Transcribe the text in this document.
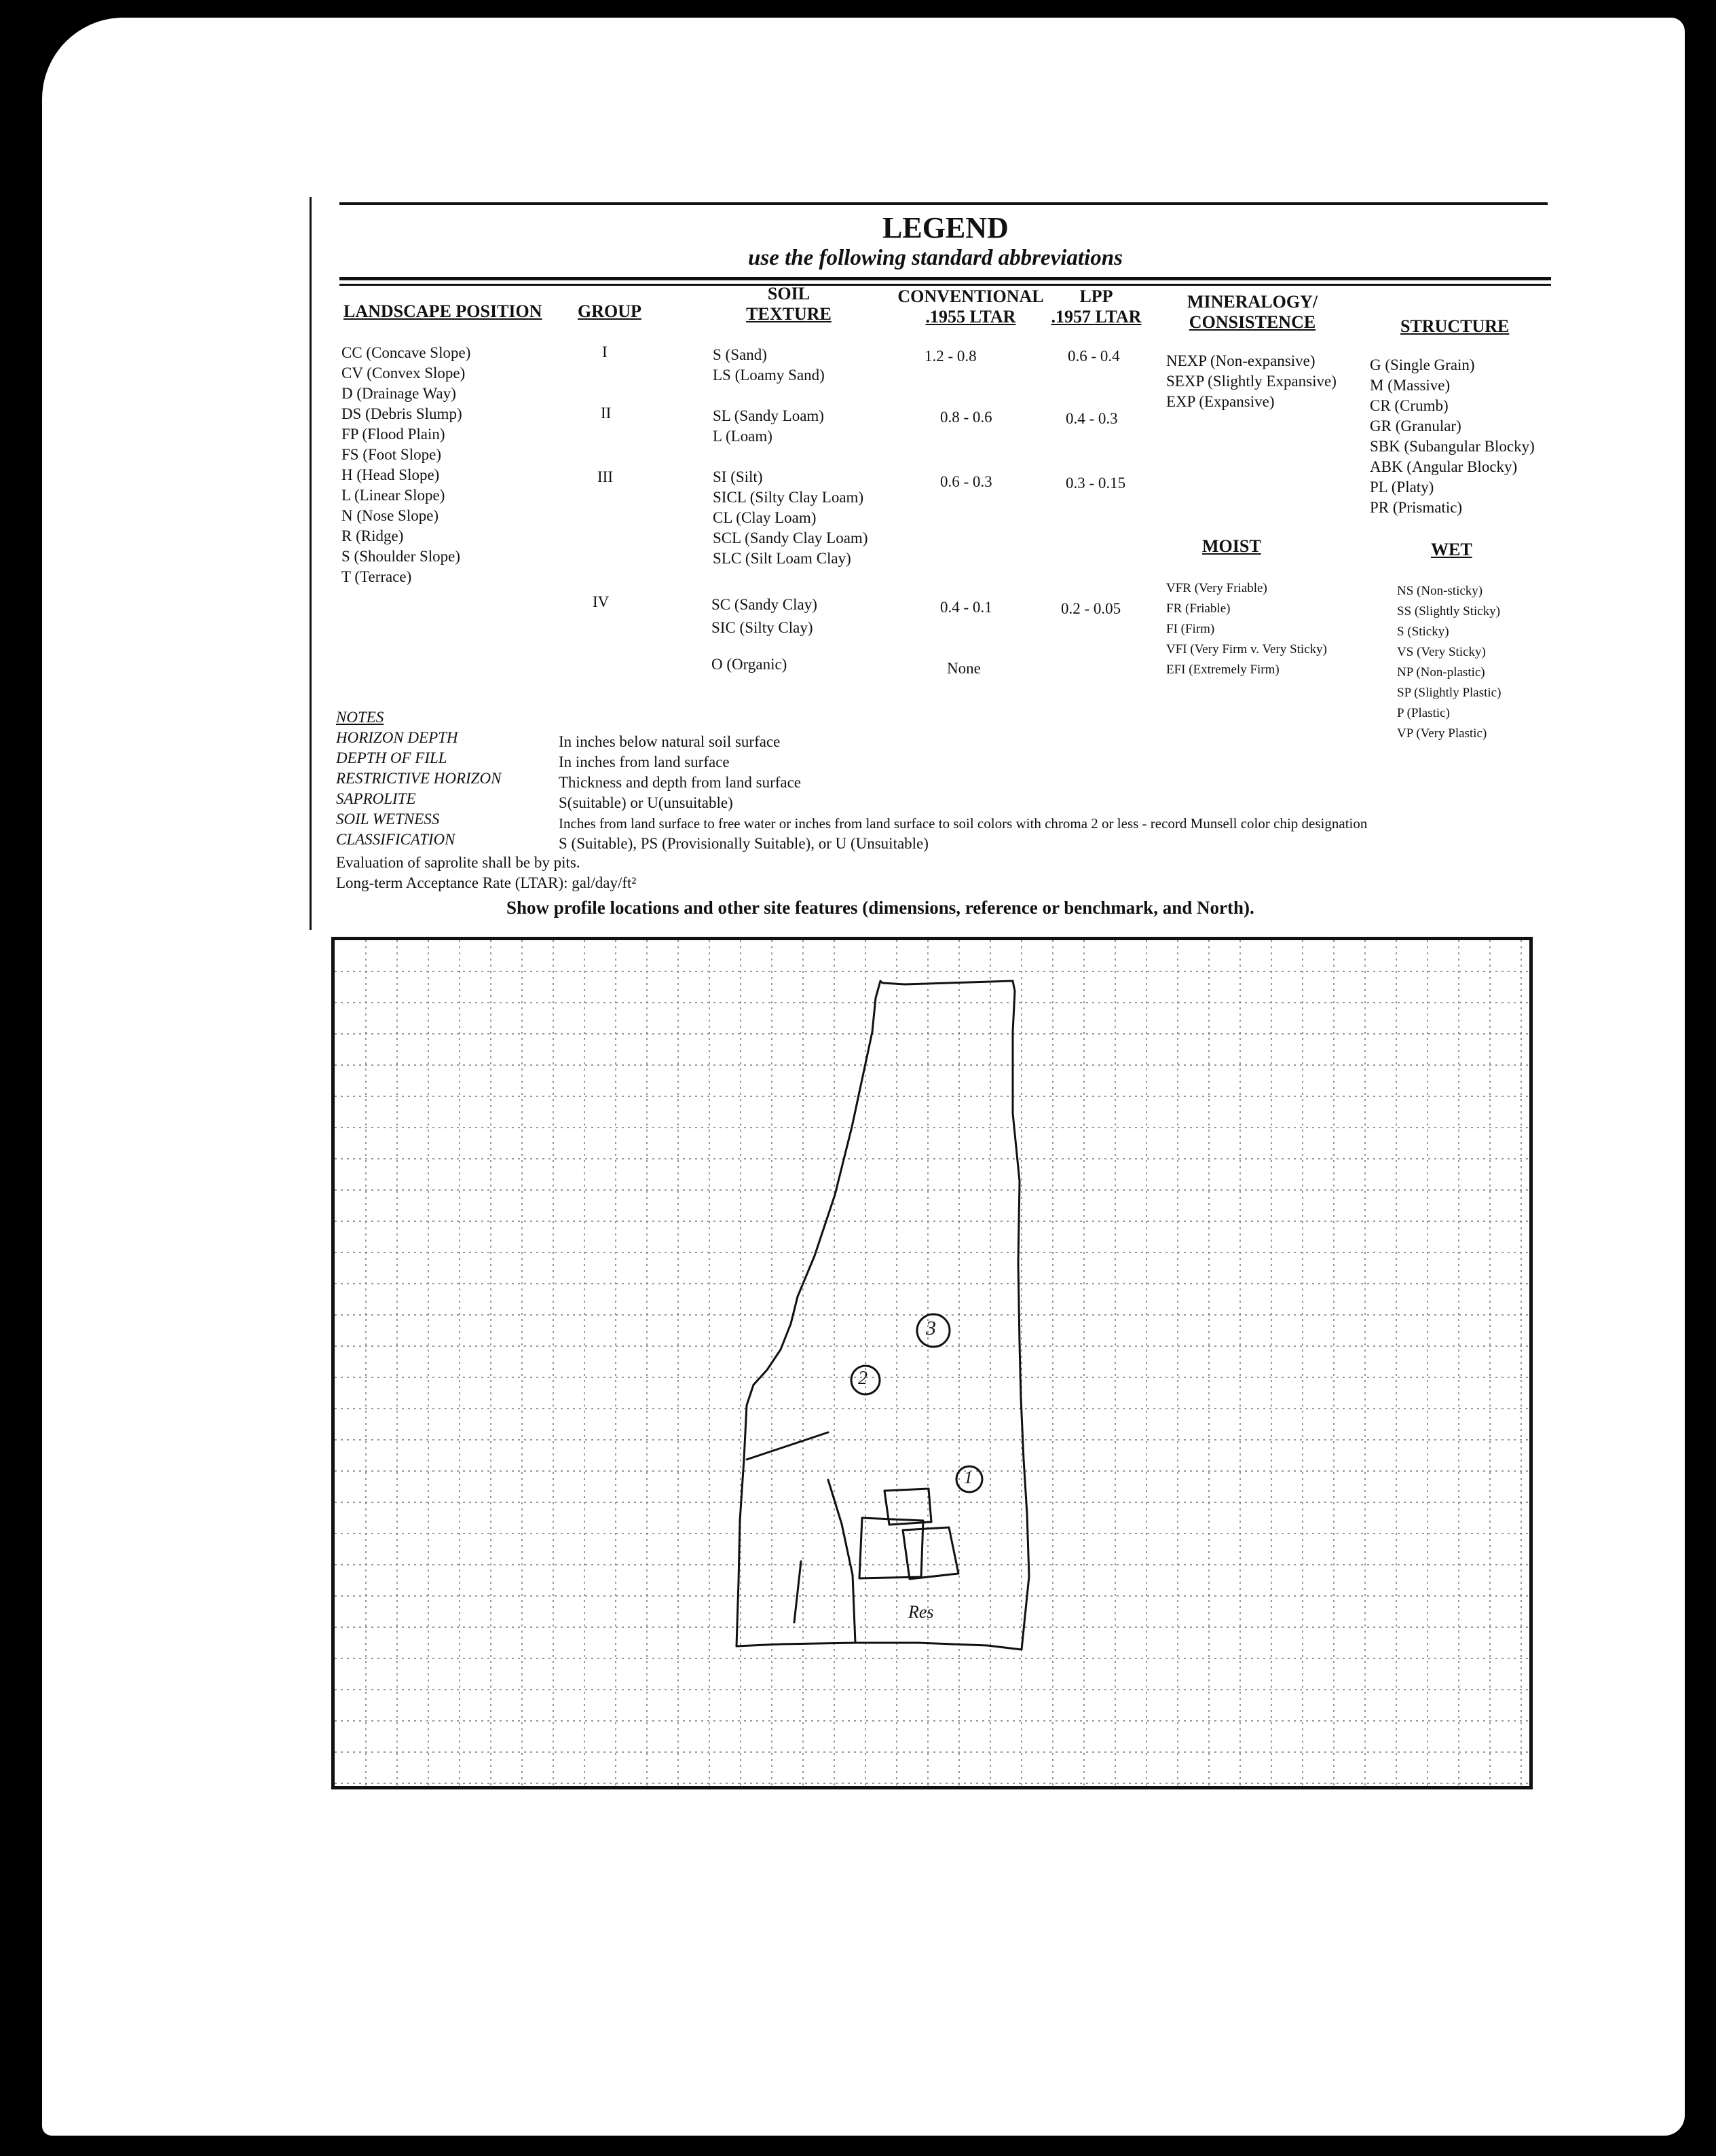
LEGEND
use the following standard abbreviations
LANDSCAPE POSITION GROUP
SOIL
TEXTURE
CONVENTIONAL
.1955 LTAR
LPP
.1957 LTAR
MINERALOGY/
CONSISTENCE	STRUCTURE
CC (Concave Slope)
CV (Convex Slope)
D (Drainage Way)
DS (Debris Slump)
FP (Flood Plain)
FS (Foot Slope)
H (Head Slope)
L (Linear Slope)
N (Nose Slope)
R (Ridge)
S (Shoulder Slope)
T (Terrace)
I
II
III
IV
S (Sand)
LS (Loamy Sand)
SL (Sandy Loam)
L (Loam)
SI (Silt)
SICL (Silty Clay Loam)
CL (Clay Loam)
SCL (Sandy Clay Loam)
SLC (Silt Loam Clay)
SC (Sandy Clay)
SIC (Silty Clay)
O (Organic)
1.2 - 0.8
0.8 - 0.6
0.6 - 0.3
0.4 - 0.1
None
0.6 - 0.4
0.4 - 0.3
0.3 - 0.15
0.2 - 0.05
NEXP (Non-expansive)
SEXP (Slightly Expansive)
EXP (Expansive)
G (Single Grain)
M (Massive)
CR (Crumb)
GR (Granular)
SBK (Subangular Blocky)
ABK (Angular Blocky)
PL (Platy)
PR (Prismatic)
MOIST	WET
VFR (Very Friable)
FR (Friable)
FI (Firm)
VFI (Very Firm v. Very Sticky)
EFI (Extremely Firm)
NS (Non-sticky)
SS (Slightly Sticky)
S (Sticky)
VS (Very Sticky)
NP (Non-plastic)
SP (Slightly Plastic)
P (Plastic)
VP (Very Plastic)
NOTES
HORIZON DEPTH
DEPTH OF FILL
RESTRICTIVE HORIZON
SAPROLITE
SOIL WETNESS
CLASSIFICATION
In inches below natural soil surface
In inches from land surface
Thickness and depth from land surface
S(suitable) or U(unsuitable)
Inches from land surface to free water or inches from land surface to soil colors with chroma 2 or less - record Munsell color chip designation
S (Suitable), PS (Provisionally Suitable), or U (Unsuitable)
Evaluation of saprolite shall be by pits.
Long-term Acceptance Rate (LTAR): gal/day/ft²
Show profile locations and other site features (dimensions, reference or benchmark, and North).
3
2
1
Res
